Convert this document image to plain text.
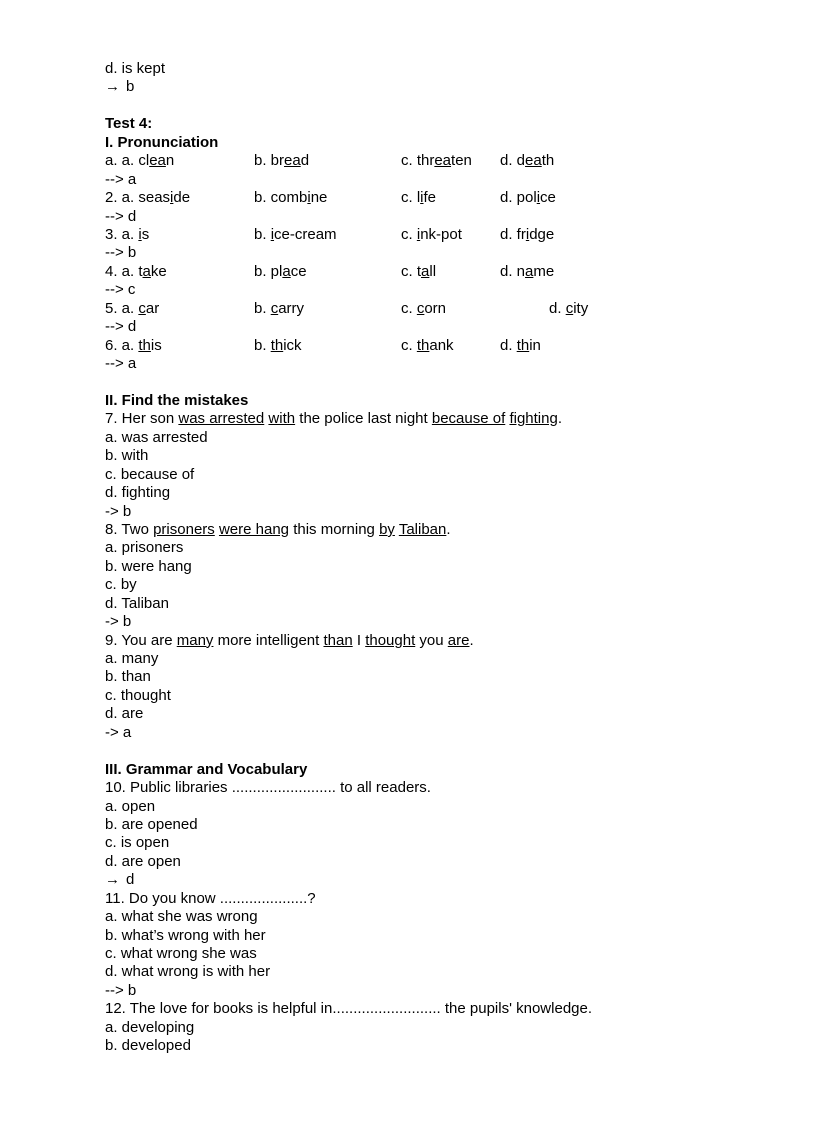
d. is kept
→ b
Test 4:
I. Pronunciation
a. a. clean	b. bread	c. threaten d. death
--> a
2. a. seaside	b. combine	c. life	d. police
--> d
3. a. is	b. ice-cream	c. ink-pot	d. fridge
--> b
4. a. take	b. place	c. tall	d. name
--> c
5. a. car	b. carry	c. corn	d. city
--> d
6. a. this	b. thick	c. thank	d. thin
--> a
II. Find the mistakes
7. Her son was arrested with the police last night because of fighting.
a. was arrested
b. with
c. because of
d. fighting
-> b
8. Two prisoners were hang this morning by Taliban.
a. prisoners
b. were hang
c. by
d. Taliban
-> b
9. You are many more intelligent than I thought you are.
a. many
b. than
c. thought
d. are
-> a
III. Grammar and Vocabulary
10. Public libraries ......................... to all readers.
a. open
b. are opened
c. is open
d. are open
→ d
11. Do you know .....................?
a. what she was wrong
b. what’s wrong with her
c. what wrong she was
d. what wrong is with her
--> b
12. The love for books is helpful in.......................... the pupils' knowledge.
a. developing
b. developed
